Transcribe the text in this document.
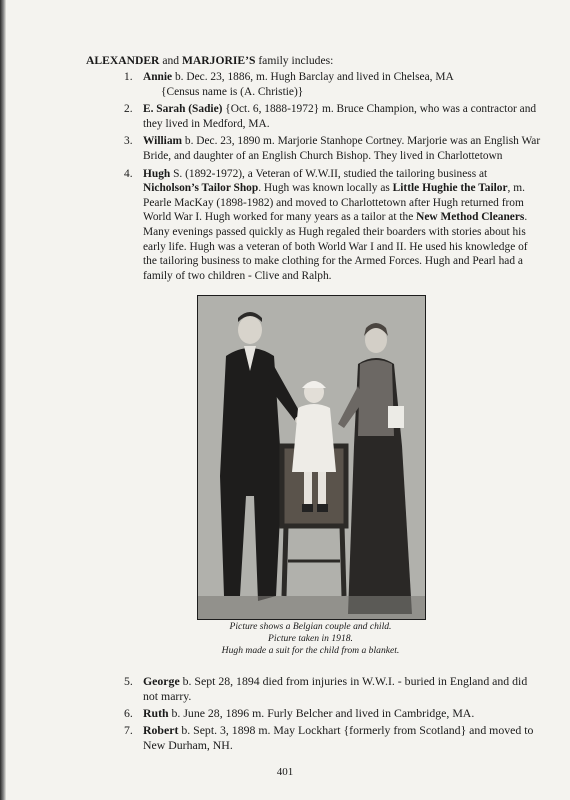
ALEXANDER and MARJORIE’S family includes:

1. Annie b. Dec. 23, 1886, m. Hugh Barclay and lived in Chelsea, MA
{Census name is (A. Christie)}
2. E. Sarah (Sadie) {Oct. 6, 1888-1972} m. Bruce Champion, who was a contractor and they lived in Medford, MA.
3. William b. Dec. 23, 1890 m. Marjorie Stanhope Cortney. Marjorie was an English War Bride, and daughter of an English Church Bishop. They lived in Charlottetown
4. Hugh S. (1892-1972), a Veteran of W.W.II, studied the tailoring business at Nicholson’s Tailor Shop. Hugh was known locally as Little Hughie the Tailor, m. Pearle MacKay (1898-1982) and moved to Charlottetown after Hugh returned from World War I. Hugh worked for many years as a tailor at the New Method Cleaners. Many evenings passed quickly as Hugh regaled their boarders with stories about his early life. Hugh was a veteran of both World War I and II. He used his knowledge of the tailoring business to make clothing for the Armed Forces. Hugh and Pearl had a family of two children - Clive and Ralph.
Picture shows a Belgian couple and child.
Picture taken in 1918.
Hugh made a suit for the child from a blanket.
5. George b. Sept 28, 1894 died from injuries in W.W.I. - buried in England and did not marry.
6. Ruth b. June 28, 1896 m. Furly Belcher and lived in Cambridge, MA.
7. Robert b. Sept. 3, 1898 m. May Lockhart {formerly from Scotland} and moved to New Durham, NH.
401
